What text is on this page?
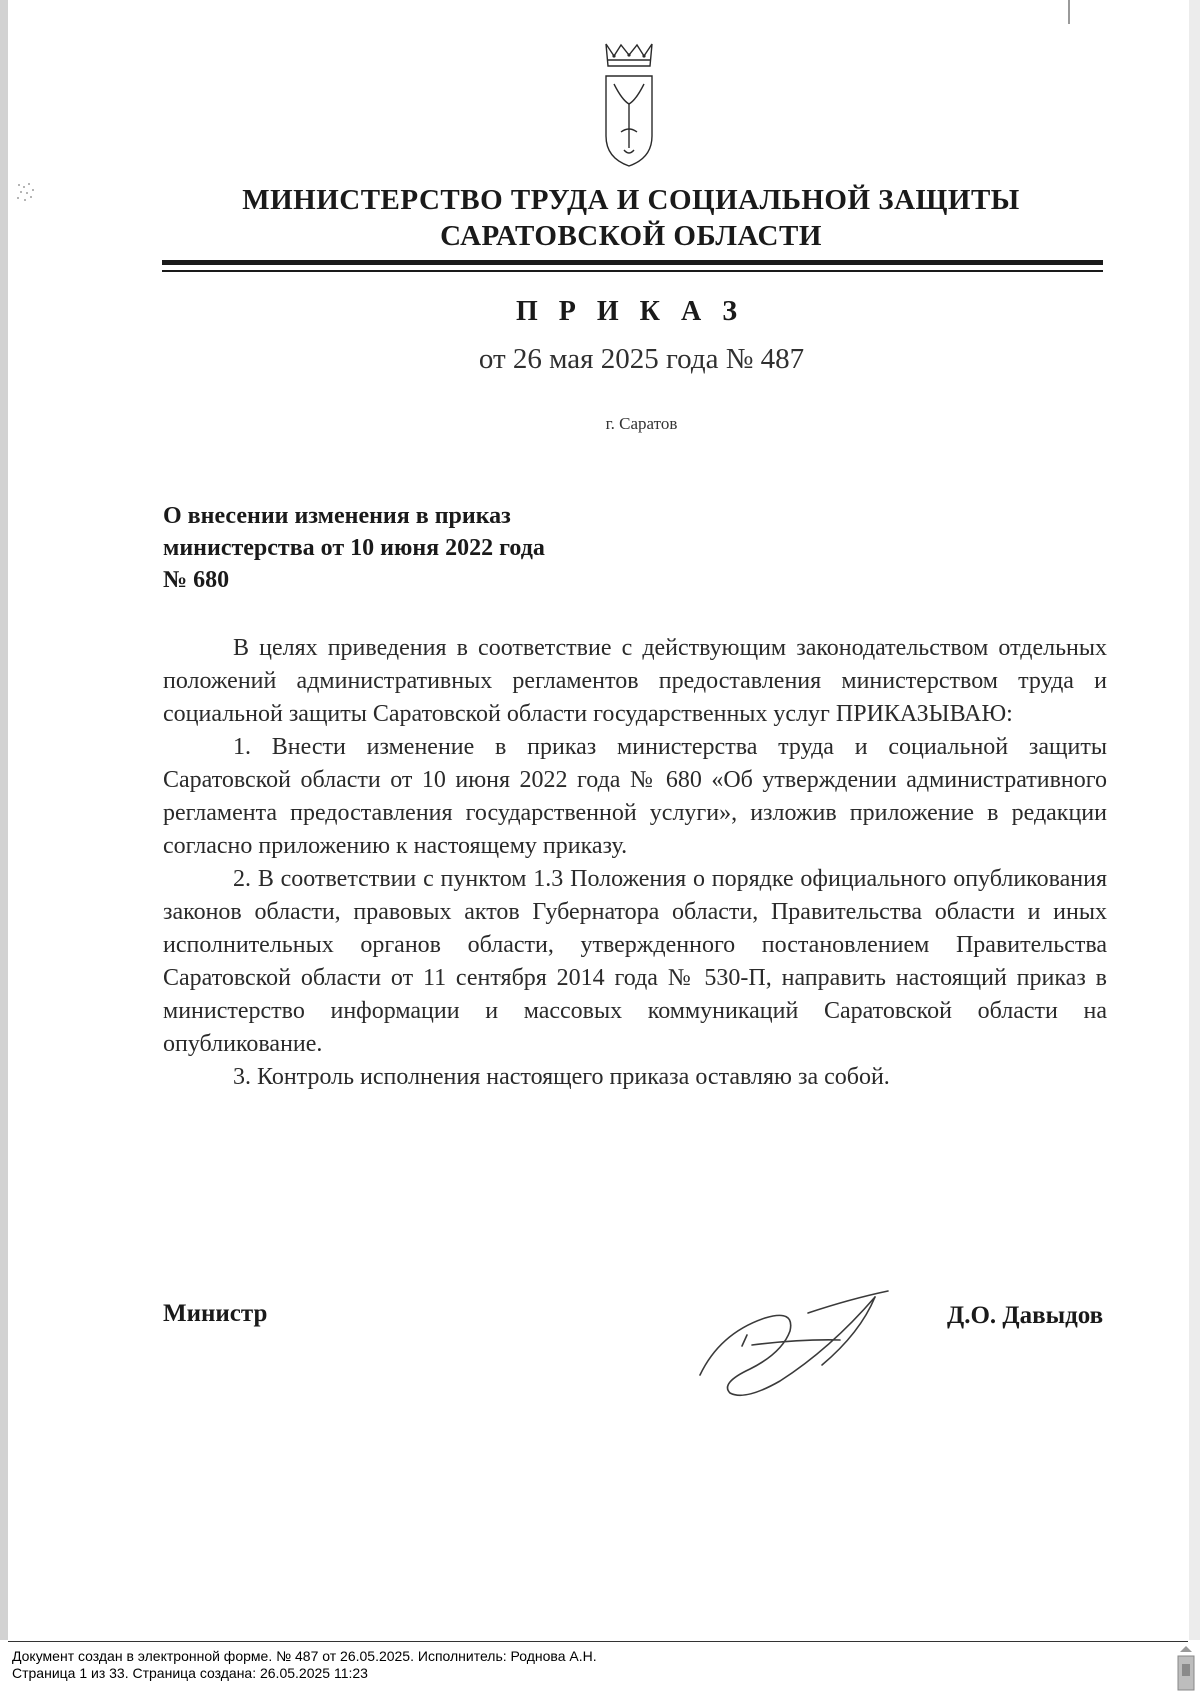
МИНИСТЕРСТВО ТРУДА И СОЦИАЛЬНОЙ ЗАЩИТЫ
САРАТОВСКОЙ ОБЛАСТИ
П Р И К А З
от 26 мая 2025 года № 487
г. Саратов
О внесении изменения в приказ
министерства от 10 июня 2022 года
№ 680

В целях приведения в соответствие с действующим законодательством отдельных положений административных регламентов предоставления министерством труда и социальной защиты Саратовской области государственных услуг ПРИКАЗЫВАЮ:

1. Внести изменение в приказ министерства труда и социальной защиты Саратовской области от 10 июня 2022 года № 680 «Об утверждении административного регламента предоставления государственной услуги», изложив приложение в редакции согласно приложению к настоящему приказу.

2. В соответствии с пунктом 1.3 Положения о порядке официального опубликования законов области, правовых актов Губернатора области, Правительства области и иных исполнительных органов области, утвержденного постановлением Правительства Саратовской области от 11 сентября 2014 года № 530-П, направить настоящий приказ в министерство информации и массовых коммуникаций Саратовской области на опубликование.

3. Контроль исполнения настоящего приказа оставляю за собой.

Министр	Д.О. Давыдов
Документ создан в электронной форме. № 487 от 26.05.2025. Исполнитель: Роднова А.Н.
Страница 1 из 33. Страница создана: 26.05.2025 11:23
